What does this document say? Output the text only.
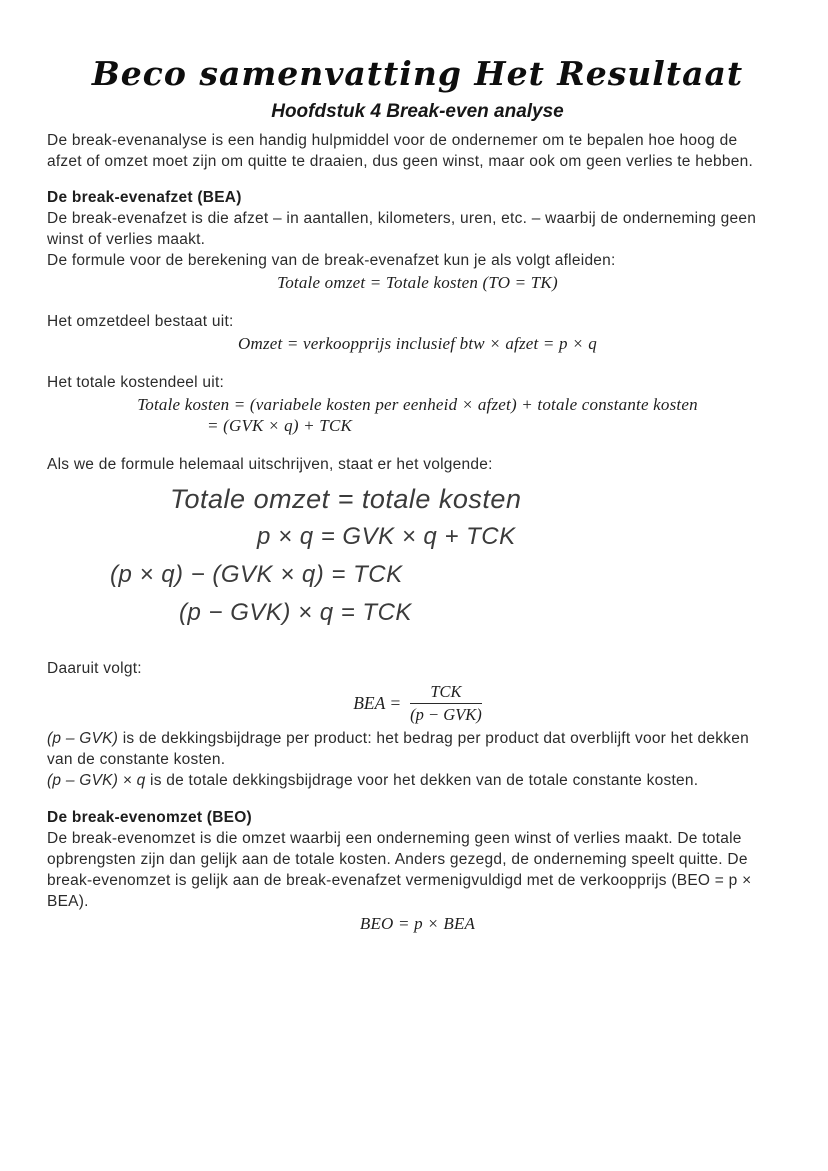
Beco samenvatting Het Resultaat
Hoofdstuk 4 Break-even analyse
De break-evenanalyse is een handig hulpmiddel voor de ondernemer om te bepalen hoe hoog de
afzet of omzet moet zijn om quitte te draaien, dus geen winst, maar ook om geen verlies te hebben.
De break-evenafzet (BEA)
De break-evenafzet is die afzet – in aantallen, kilometers, uren, etc. – waarbij de onderneming geen
winst of verlies maakt.
De formule voor de berekening van de break-evenafzet kun je als volgt afleiden:
Totale omzet = Totale kosten (TO = TK)
Het omzetdeel bestaat uit:
Omzet = verkoopprijs inclusief btw × afzet = p × q
Het totale kostendeel uit:
Totale kosten = (variabele kosten per eenheid × afzet) + totale constante kosten
= (GVK × q) + TCK
Als we de formule helemaal uitschrijven, staat er het volgende:
Totale omzet = totale kosten
p × q = GVK × q + TCK
(p × q) − (GVK × q) = TCK
(p − GVK) × q = TCK
Daaruit volgt:
BEA = $\frac{\text{TCK}}{\text{(p − GVK)}}$
(p – GVK) is de dekkingsbijdrage per product: het bedrag per product dat overblijft voor het dekken
van de constante kosten.
(p – GVK) × q is de totale dekkingsbijdrage voor het dekken van de totale constante kosten.
De break-evenomzet (BEO)
De break-evenomzet is die omzet waarbij een onderneming geen winst of verlies maakt. De totale
opbrengsten zijn dan gelijk aan de totale kosten. Anders gezegd, de onderneming speelt quitte. De
break-evenomzet is gelijk aan de break-evenafzet vermenigvuldigd met de verkoopprijs (BEO = p ×
BEA).
BEO = p × BEA
